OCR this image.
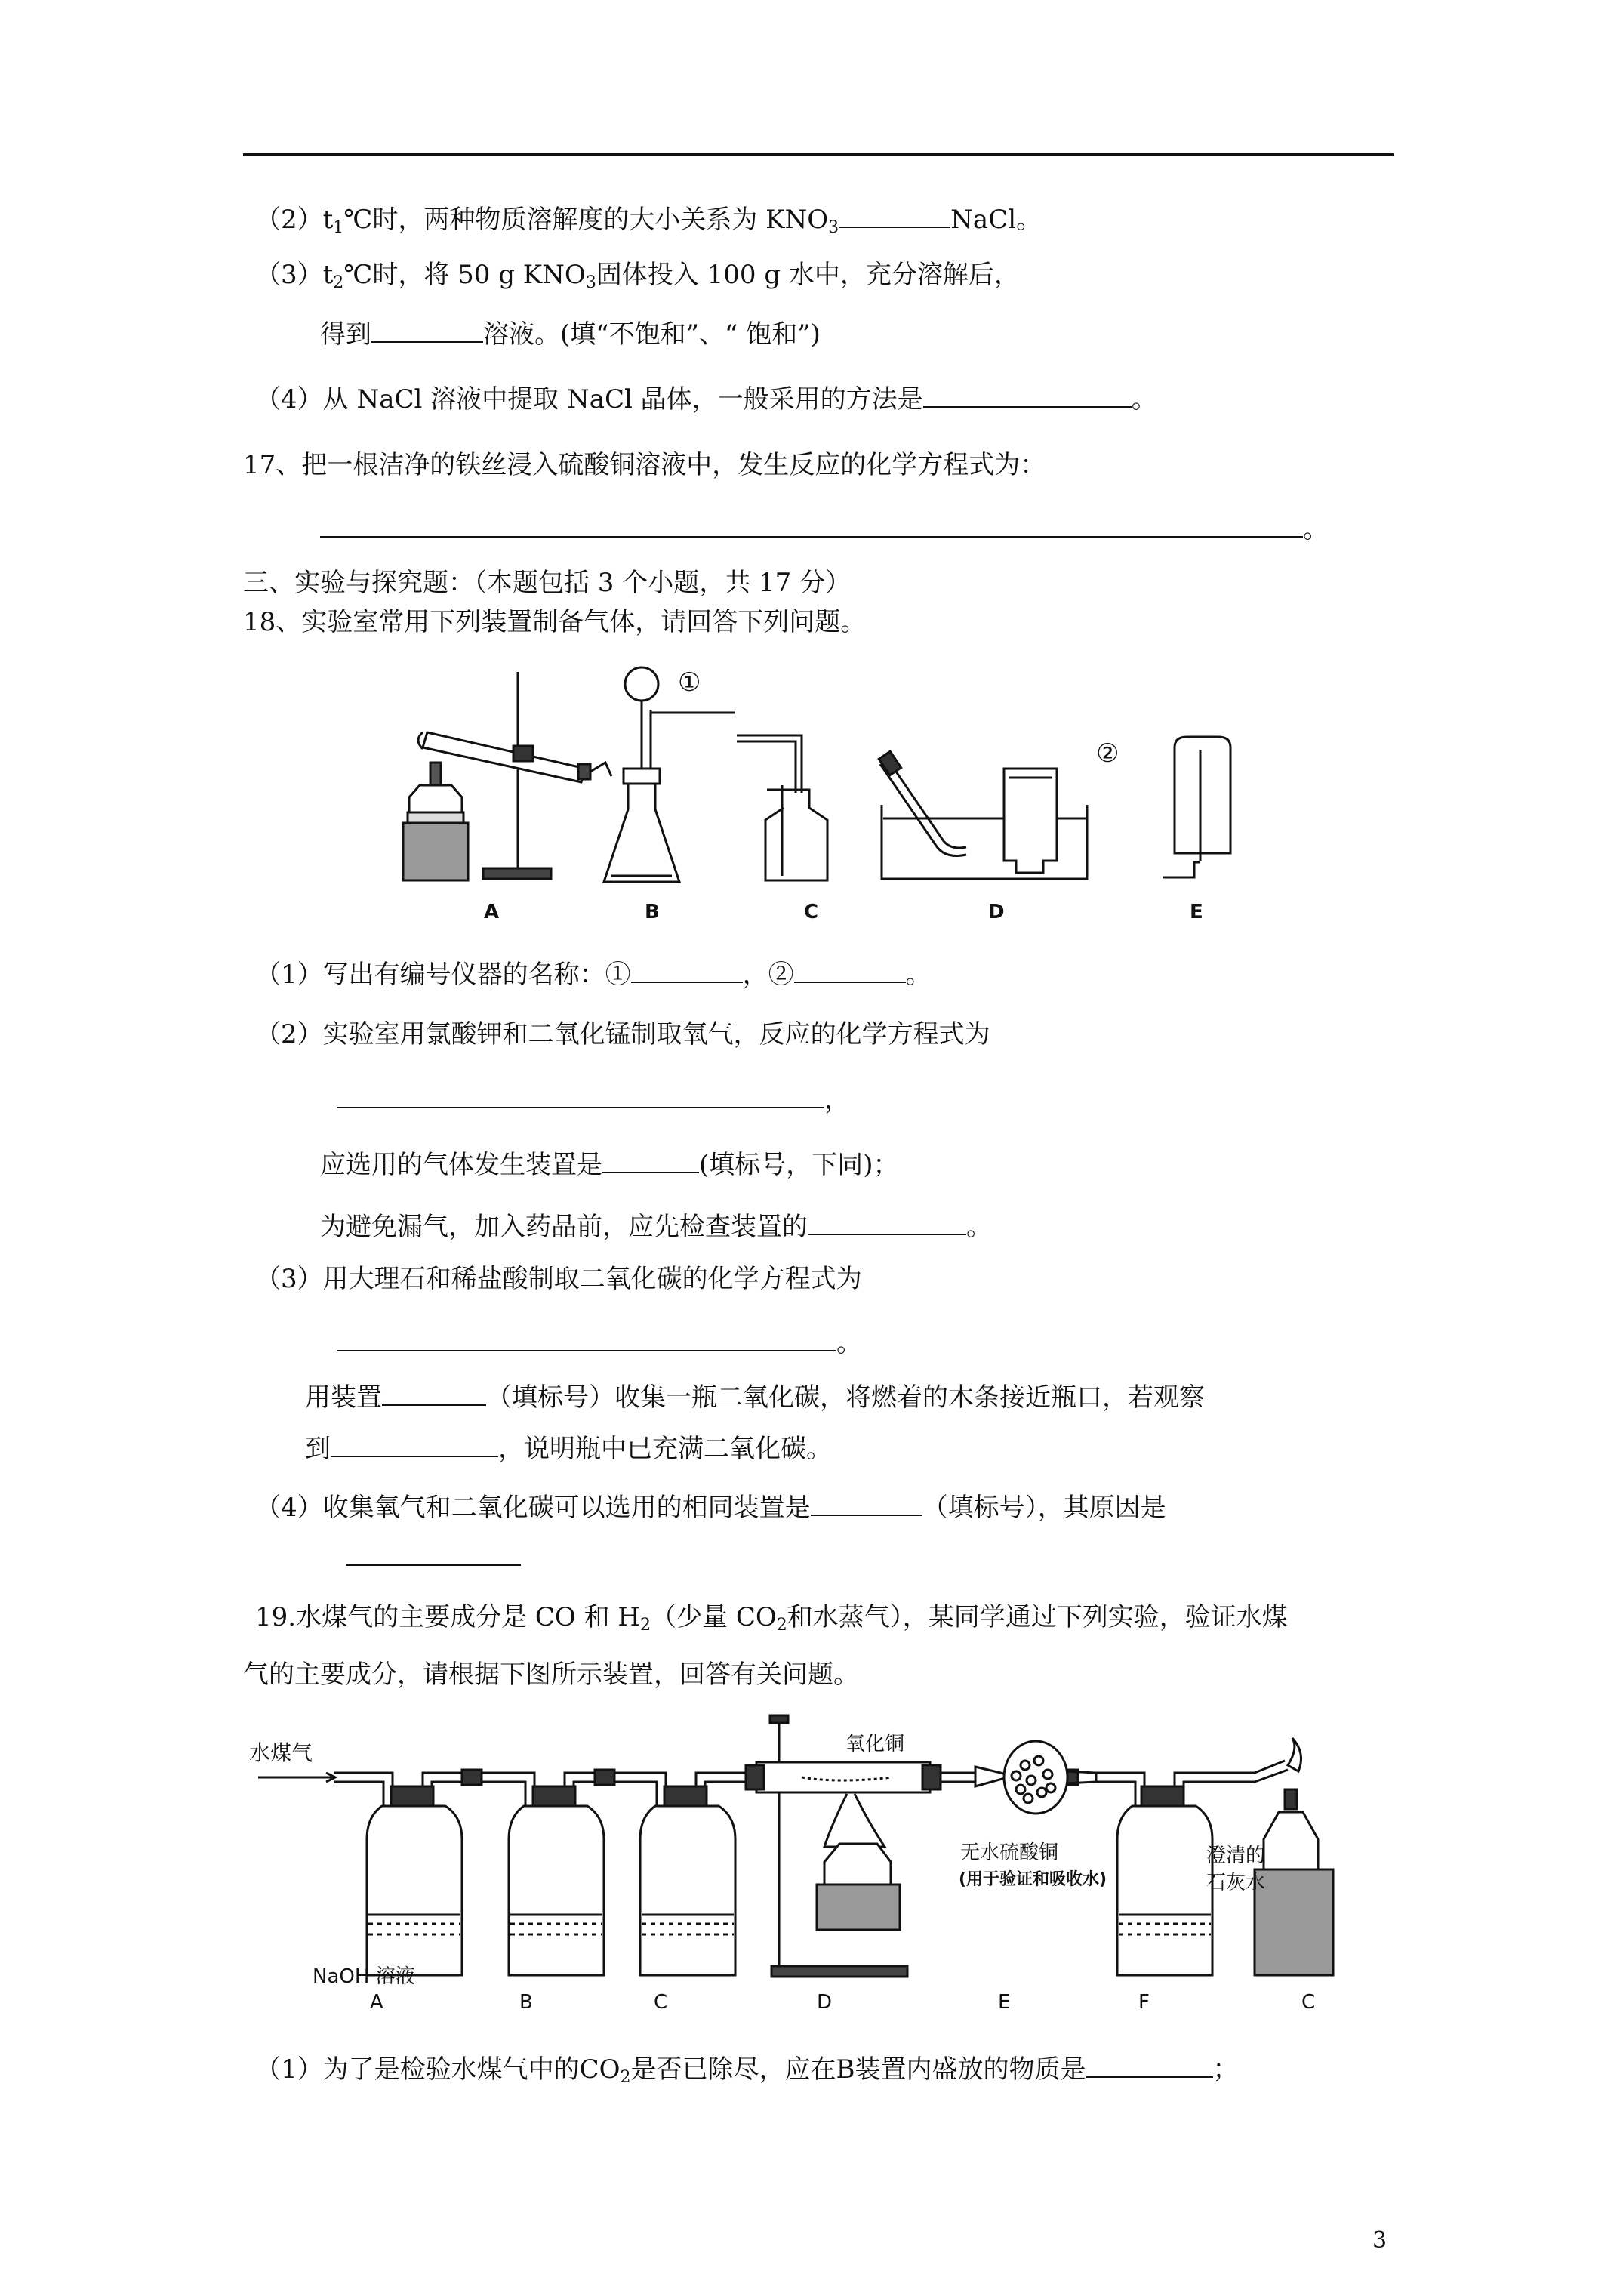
$(2)t_1℃$时，两种物质溶解度的大小关系为 $KNO_3$	NaCl。
$(3)t_2℃$时，将 50 g $KNO_3$固体投入 100 g 水中，充分溶解后，
得到	溶液。(填“不饱和”、“ 饱和”)
（4）从 NaCl 溶液中提取 NaCl 晶体，一般采用的方法是	。
17、把一根洁净的铁丝浸入硫酸铜溶液中，发生反应的化学方程式为：
。
三、实验与探究题：（本题包括 3 个小题，共 17 分）
18、实验室常用下列装置制备气体，请回答下列问题。
①
②
A	B	C	D	E
（1）写出有编号仪器的名称：①	，②	。
（2）实验室用氯酸钾和二氧化锰制取氧气，反应的化学方程式为
，
应选用的气体发生装置是	(填标号，下同)；
为避免漏气，加入药品前，应先检查装置的	。
（3）用大理石和稀盐酸制取二氧化碳的化学方程式为
。
用装置	（填标号）收集一瓶二氧化碳，将燃着的木条接近瓶口，若观察
到	，说明瓶中已充满二氧化碳。
（4）收集氧气和二氧化碳可以选用的相同装置是	（填标号），其原因是
19.水煤气的主要成分是 CO 和 $H_2$（少量 $CO_2$和水蒸气），某同学通过下列实验，验证水煤
气的主要成分，请根据下图所示装置，回答有关问题。
水煤气	氧化铜
无水硫酸铜
(用于验证和吸收水)
NaOH 溶液
澄清的
石灰水
A	B	C	D	E	F	C
（1）为了是检验水煤气中的$CO_2$是否已除尽，应在B装置内盛放的物质是	；
3
